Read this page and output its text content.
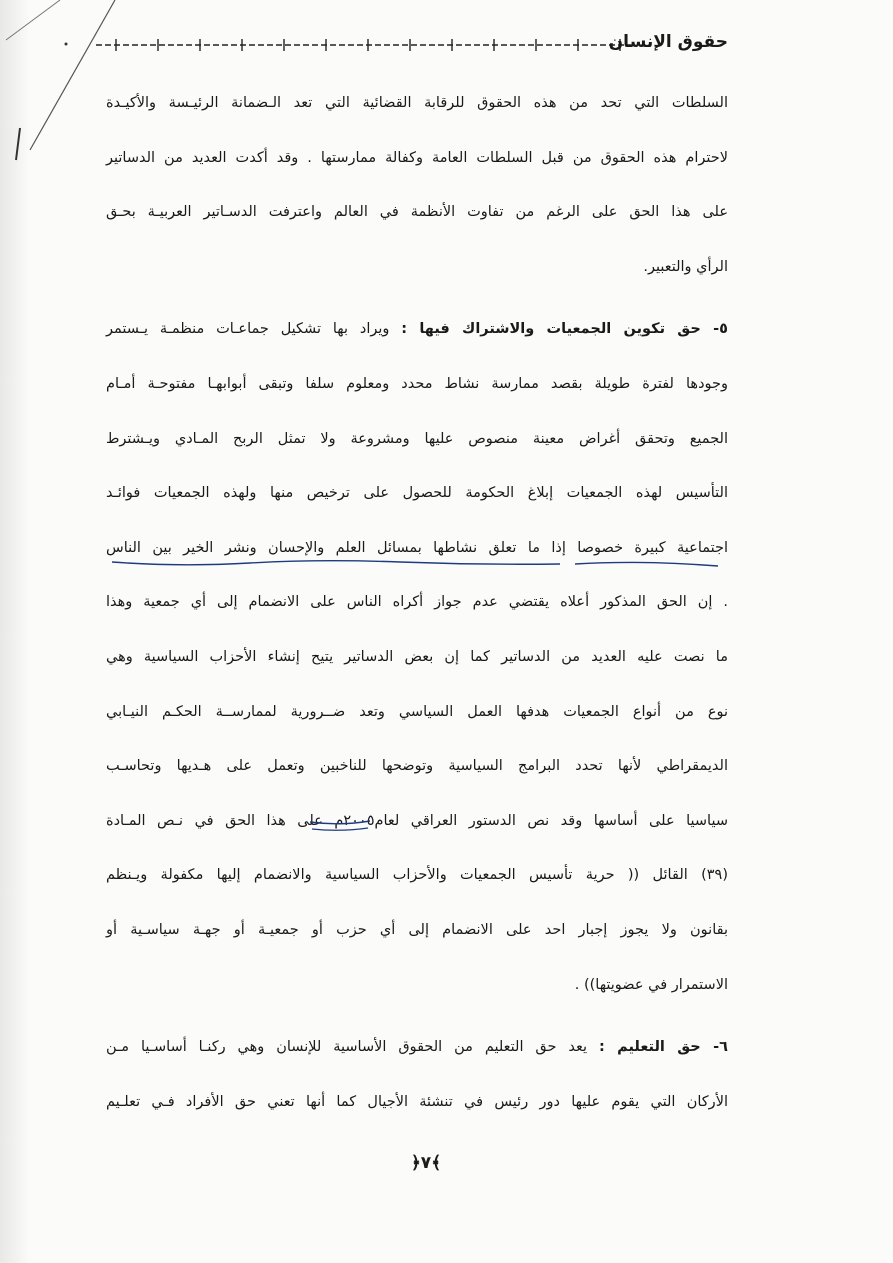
حقوق الإنسان
السلطات التي تحد من هذه الحقوق للرقابة القضائية التي تعد الـضمانة الرئيـسة والأكيـدة
لاحترام هذه الحقوق من قبل السلطات العامة وكفالة ممارستها . وقد أكدت العديد من الدساتير
على هذا الحق على الرغم من تفاوت الأنظمة في العالم واعترفت الدسـاتير العربيـة بحـق
الرأي والتعبير.
٥- حق تكوين الجمعيات والاشتراك فيها : ويراد بها تشكيل جماعـات منظمـة يـستمر
وجودها لفترة طويلة بقصد ممارسة نشاط محدد ومعلوم سلفا وتبقى أبوابهـا مفتوحـة أمـام
الجميع وتحقق أغراض معينة منصوص عليها ومشروعة ولا تمثل الربح المـادي ويـشترط
التأسيس لهذه الجمعيات إبلاغ الحكومة للحصول على ترخيص منها ولهذه الجمعيات فوائـد
اجتماعية كبيرة خصوصا إذا ما تعلق نشاطها بمسائل العلم والإحسان ونشر الخير بين الناس
. إن الحق المذكور أعلاه يقتضي عدم جواز أكراه الناس على الانضمام إلى أي جمعية وهذا
ما نصت عليه العديد من الدساتير كما إن بعض الدساتير يتيح إنشاء الأحزاب السياسية وهي
نوع من أنواع الجمعيات هدفها العمل السياسي وتعد ضــرورية لممارســة الحكـم النيـابي
الديمقراطي لأنها تحدد البرامج السياسية وتوضحها للناخبين وتعمل على هـديها وتحاسـب
سياسيا على أساسها وقد نص الدستور العراقي لعام٢٠٠٥م على هذا الحق في نـص المـادة
(٣٩) القائل (( حرية تأسيس الجمعيات والأحزاب السياسية والانضمام إليها مكفولة ويـنظم
بقانون ولا يجوز إجبار احد على الانضمام إلى أي حزب أو جمعيـة أو جهـة سياسـية أو
الاستمرار في عضويتها)) .
٦- حق التعليم : يعد حق التعليم من الحقوق الأساسية للإنسان وهي ركنـا أساسـيا مـن
الأركان التي يقوم عليها دور رئيس في تنشئة الأجيال كما أنها تعني حق الأفراد فـي تعلـيم
﴿٧﴾
